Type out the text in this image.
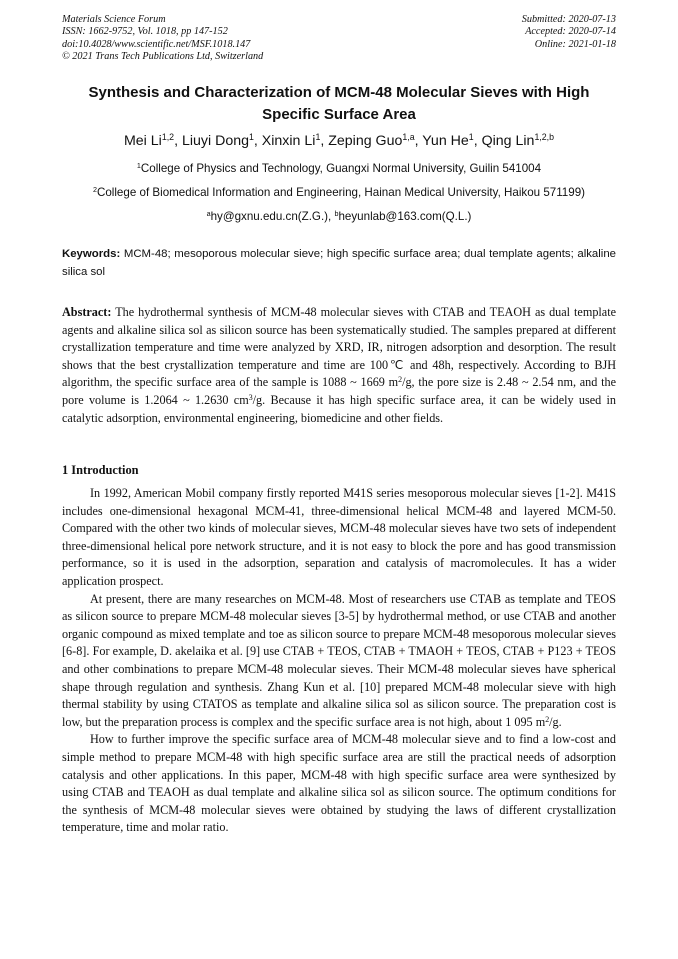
Materials Science Forum
ISSN: 1662-9752, Vol. 1018, pp 147-152
doi:10.4028/www.scientific.net/MSF.1018.147
© 2021 Trans Tech Publications Ltd, Switzerland
Submitted: 2020-07-13
Accepted: 2020-07-14
Online: 2021-01-18
Synthesis and Characterization of MCM-48 Molecular Sieves with High Specific Surface Area
Mei Li$^{1,2}$, Liuyi Dong$^1$, Xinxin Li$^1$, Zeping Guo$^{1,a}$, Yun He$^1$, Qing Lin$^{1,2,b}$
$^1$College of Physics and Technology, Guangxi Normal University, Guilin 541004
$^2$College of Biomedical Information and Engineering, Hainan Medical University, Haikou 571199)
$^a$hy@gxnu.edu.cn(Z.G.), $^b$heyunlab@163.com(Q.L.)

Keywords: MCM-48; mesoporous molecular sieve; high specific surface area; dual template agents; alkaline silica sol

Abstract: The hydrothermal synthesis of MCM-48 molecular sieves with CTAB and TEAOH as dual template agents and alkaline silica sol as silicon source has been systematically studied. The samples prepared at different crystallization temperature and time were analyzed by XRD, IR, nitrogen adsorption and desorption. The result shows that the best crystallization temperature and time are 100℃ and 48h, respectively. According to BJH algorithm, the specific surface area of the sample is 1088 ~ 1669 $m^2/g$, the pore size is 2.48 ~ 2.54 nm, and the pore volume is 1.2064 ~ 1.2630 $cm^3/g$. Because it has high specific surface area, it can be widely used in catalytic adsorption, environmental engineering, biomedicine and other fields.

1 Introduction

In 1992, American Mobil company firstly reported M41S series mesoporous molecular sieves [1-2]. M41S includes one-dimensional hexagonal MCM-41, three-dimensional helical MCM-48 and layered MCM-50. Compared with the other two kinds of molecular sieves, MCM-48 molecular sieves have two sets of independent three-dimensional helical pore network structure, and it is not easy to block the pore and has good transmission performance, so it is used in the adsorption, separation and catalysis of macromolecules. It has a wider application prospect.

At present, there are many researches on MCM-48. Most of researchers use CTAB as template and TEOS as silicon source to prepare MCM-48 molecular sieves [3-5] by hydrothermal method, or use CTAB and another organic compound as mixed template and toe as silicon source to prepare MCM-48 mesoporous molecular sieves [6-8]. For example, D. akelaika et al. [9] use CTAB + TEOS, CTAB + TMAOH + TEOS, CTAB + P123 + TEOS and other combinations to prepare MCM-48 molecular sieves. Their MCM-48 molecular sieves have spherical shape through regulation and synthesis. Zhang Kun et al. [10] prepared MCM-48 molecular sieve with high thermal stability by using CTATOS as template and alkaline silica sol as silicon source. The preparation cost is low, but the preparation process is complex and the specific surface area is not high, about 1 095 $m^2/g$.

How to further improve the specific surface area of MCM-48 molecular sieve and to find a low-cost and simple method to prepare MCM-48 with high specific surface area are still the practical needs of adsorption catalysis and other applications. In this paper, MCM-48 with high specific surface area were synthesized by using CTAB and TEAOH as dual template and alkaline silica sol as silicon source. The optimum conditions for the synthesis of MCM-48 molecular sieves were obtained by studying the laws of different crystallization temperature, time and molar ratio.
